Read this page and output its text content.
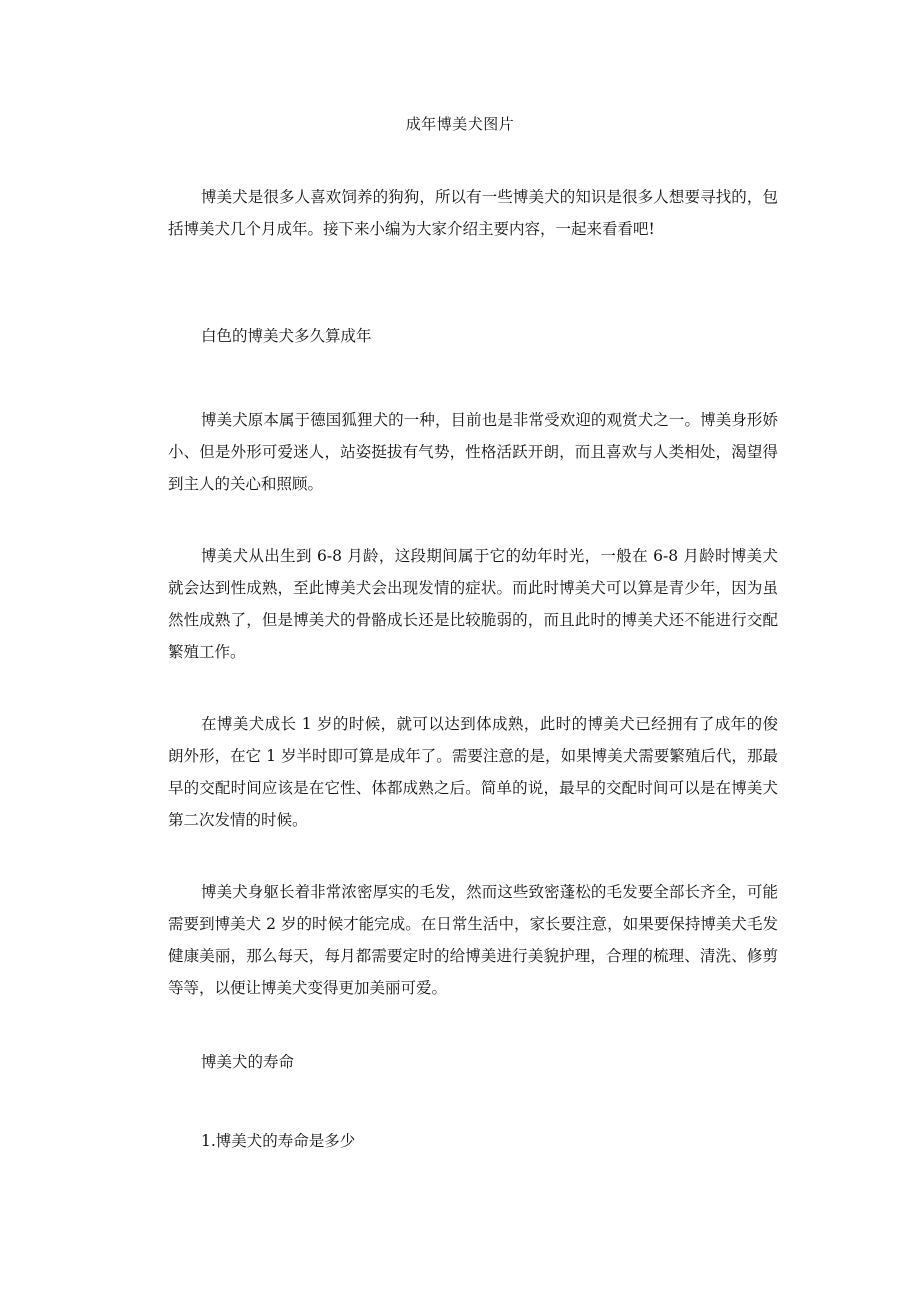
成年博美犬图片

博美犬是很多人喜欢饲养的狗狗，所以有一些博美犬的知识是很多人想要寻找的，包括博美犬几个月成年。接下来小编为大家介绍主要内容，一起来看看吧!

白色的博美犬多久算成年

博美犬原本属于德国狐狸犬的一种，目前也是非常受欢迎的观赏犬之一。博美身形娇小、但是外形可爱迷人，站姿挺拔有气势，性格活跃开朗，而且喜欢与人类相处，渴望得到主人的关心和照顾。

博美犬从出生到 6-8 月龄，这段期间属于它的幼年时光，一般在 6-8 月龄时博美犬就会达到性成熟，至此博美犬会出现发情的症状。而此时博美犬可以算是青少年，因为虽然性成熟了，但是博美犬的骨骼成长还是比较脆弱的，而且此时的博美犬还不能进行交配繁殖工作。

在博美犬成长 1 岁的时候，就可以达到体成熟，此时的博美犬已经拥有了成年的俊朗外形，在它 1 岁半时即可算是成年了。需要注意的是，如果博美犬需要繁殖后代，那最早的交配时间应该是在它性、体都成熟之后。简单的说，最早的交配时间可以是在博美犬第二次发情的时候。

博美犬身躯长着非常浓密厚实的毛发，然而这些致密蓬松的毛发要全部长齐全，可能需要到博美犬 2 岁的时候才能完成。在日常生活中，家长要注意，如果要保持博美犬毛发健康美丽，那么每天，每月都需要定时的给博美进行美貌护理，合理的梳理、清洗、修剪等等，以便让博美犬变得更加美丽可爱。

博美犬的寿命

1.博美犬的寿命是多少
